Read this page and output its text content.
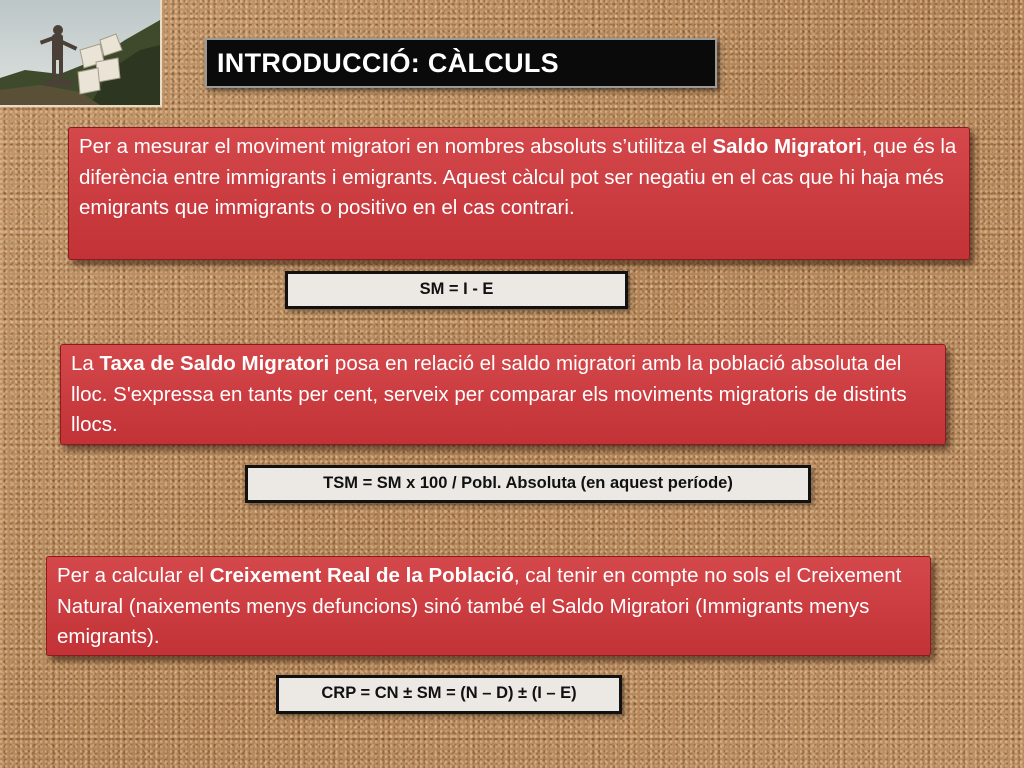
INTRODUCCIÓ: CÀLCULS
Per a mesurar el moviment migratori en nombres absoluts s’utilitza el Saldo Migratori, que és la diferència entre immigrants i emigrants. Aquest càlcul pot ser negatiu en el cas que hi haja més emigrants que immigrants o positivo en el cas contrari.
SM = I - E
La Taxa de Saldo Migratori posa en relació el saldo migratori amb la població absoluta del lloc. S'expressa en tants per cent, serveix per comparar els moviments migratoris de distints llocs.
TSM = SM x 100 / Pobl. Absoluta (en aquest període)
Per a calcular el Creixement Real de la Població, cal tenir en compte no sols el Creixement Natural (naixements menys defuncions) sinó també el Saldo Migratori (Immigrants menys emigrants).
CRP = CN ± SM = (N – D) ± (I – E)
